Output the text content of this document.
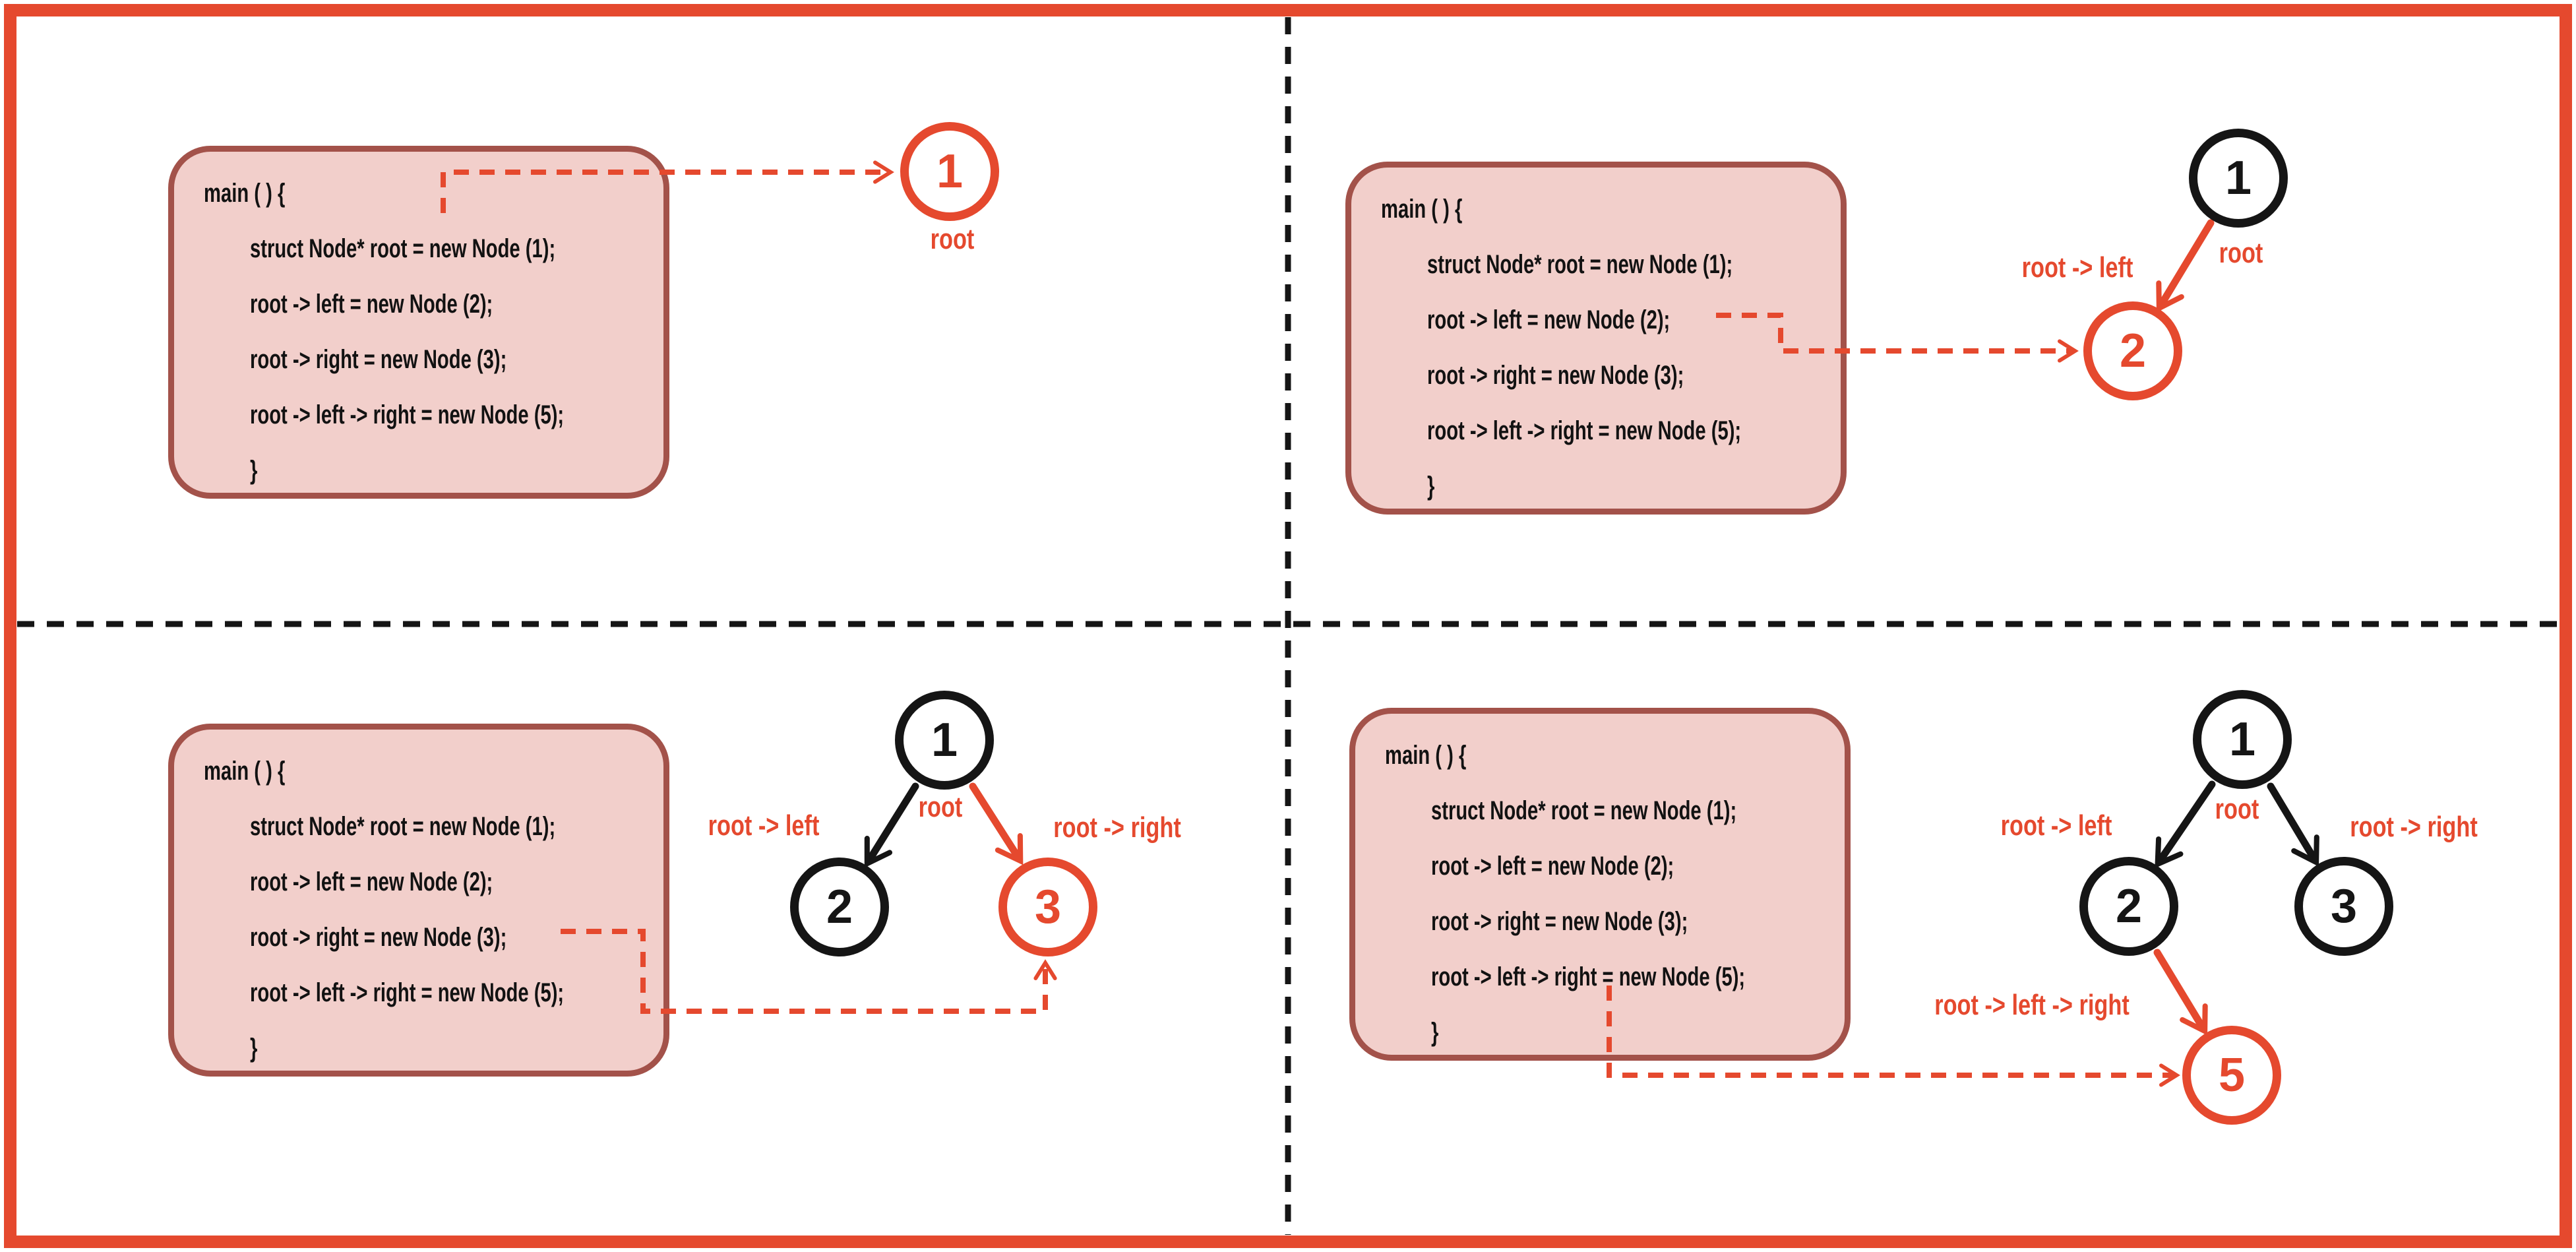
main ( ) {
struct Node* root = new Node (1);
root -> left = new Node (2);
root -> right = new Node (3);
root -> left -> right = new Node (5);
}
1
root
main ( ) {
struct Node* root = new Node (1);
root -> left = new Node (2);
root -> right = new Node (3);
root -> left -> right = new Node (5);
}
1
2
root
root -> left
main ( ) {
struct Node* root = new Node (1);
root -> left = new Node (2);
root -> right = new Node (3);
root -> left -> right = new Node (5);
}
1
2	3
root -> left
root
root -> right
main ( ) {
struct Node* root = new Node (1);
root -> left = new Node (2);
root -> right = new Node (3);
root -> left -> right = new Node (5);
}
1
2	3
5
root -> left
root
root -> right
root -> left -> right
